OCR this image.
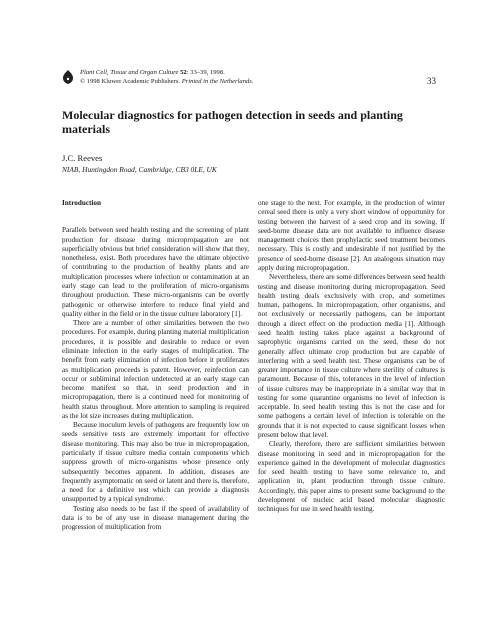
Plant Cell, Tissue and Organ Culture 52: 33–39, 1998.
© 1998 Kluwer Academic Publishers. Printed in the Netherlands.	33
Molecular diagnostics for pathogen detection in seeds and planting materials
J.C. Reeves
NIAB, Huntingdon Road, Cambridge, CB3 0LE, UK
Introduction

Parallels between seed health testing and the screening of plant production for disease during micropropagation are not superficially obvious but brief consideration will show that they, nonetheless, exist. Both procedures have the ultimate objective of contributing to the production of healthy plants and are multiplication processes where infection or contamination at an early stage can lead to the proliferation of micro-organisms throughout production. These micro-organisms can be overtly pathogenic or otherwise interfere to reduce final yield and quality either in the field or in the tissue culture laboratory [1].

There are a number of other similarities between the two procedures. For example, during planting material multiplication procedures, it is possible and desirable to reduce or even eliminate infection in the early stages of multiplication. The benefit from early elimination of infection before it proliferates as multiplication proceeds is patent. However, reinfection can occur or subliminal infection undetected at an early stage can become manifest so that, in seed production and in micropropagation, there is a continued need for monitoring of health status throughout. More attention to sampling is required as the lot size increases during multiplication.

Because inoculum levels of pathogens are frequently low on seeds sensitive tests are extremely important for effective disease monitoring. This may also be true in micropropagation, particularly if tissue culture media contain components which suppress growth of micro-organisms whose presence only subsequently becomes apparent. In addition, diseases are frequently asymptomatic on seed or latent and there is, therefore, a need for a definitive test which can provide a diagnosis unsupported by a typical syndrome.

Testing also needs to be fast if the speed of availability of data is to be of any use in disease management during the progression of multiplication from

one stage to the next. For example, in the production of winter cereal seed there is only a very short window of opportunity for testing between the harvest of a seed crop and its sowing. If seed-borne disease data are not available to influence disease management choices then prophylactic seed treatment becomes necessary. This is costly and undesirable if not justified by the presence of seed-borne disease [2]. An analogous situation may apply during micropropagation.

Nevertheless, there are some differences between seed health testing and disease monitoring during micropropagation. Seed health testing deals exclusively with crop, and sometimes human, pathogens. In micropropagation, other organisms, and not exclusively or necessarily pathogens, can be important through a direct effect on the production media [1]. Although seed health testing takes place against a background of saprophytic organisms carried on the seed, these do not generally affect ultimate crop production but are capable of interfering with a seed health test. These organisms can be of greater importance in tissue culture where sterility of cultures is paramount. Because of this, tolerances in the level of infection of tissue cultures may be inappropriate in a similar way that in testing for some quarantine organisms no level of infection is acceptable. In seed health testing this is not the case and for some pathogens a certain level of infection is tolerable on the grounds that it is not expected to cause significant losses when present below that level.

Clearly, therefore, there are sufficient similarities between disease monitoring in seed and in micropropagation for the experience gained in the development of molecular diagnostics for seed health testing to have some relevance to, and application in, plant production through tissue culture. Accordingly, this paper aims to present some background to the development of nucleic acid based molecular diagnostic techniques for use in seed health testing.
